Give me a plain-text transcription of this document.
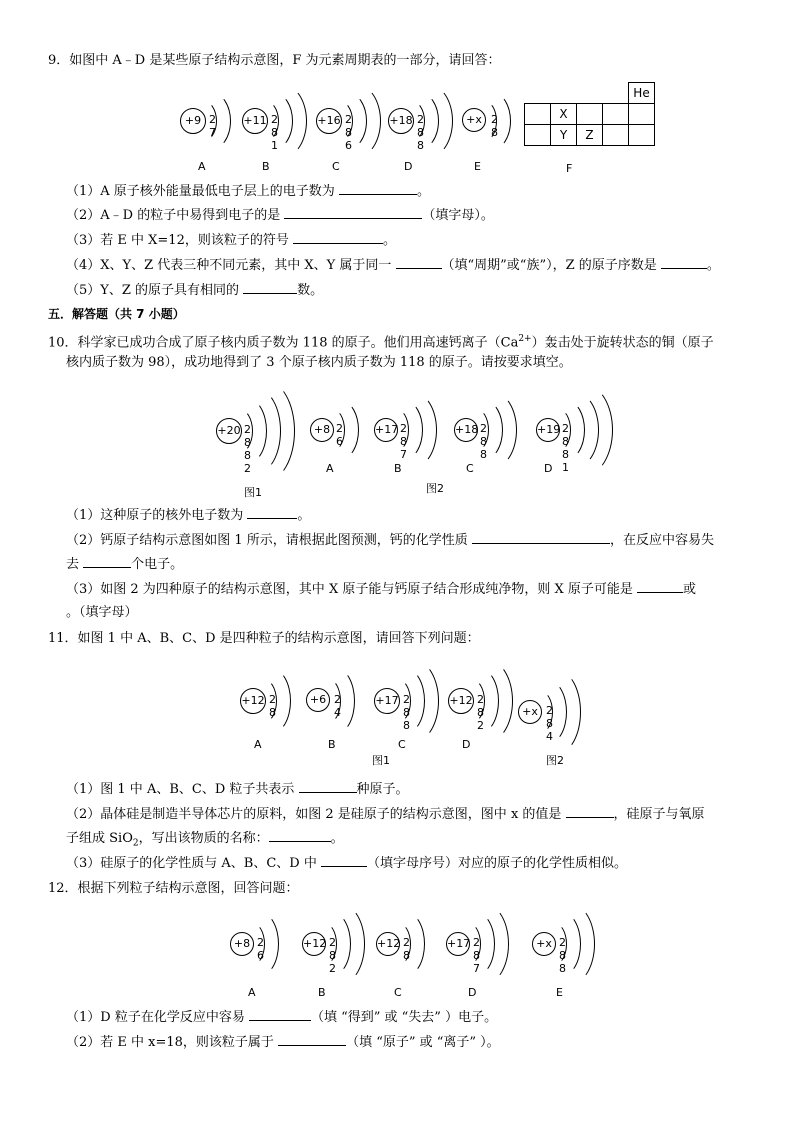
9．如图中 A﹣D 是某些原子结构示意图，F 为元素周期表的一部分，请回答：
+9 2 7
A
+11 2 8 1
B
+16 2 8 6
C
+18 2 8 8
D
+x 2 8
E
				He
	X			
	Y	Z		
F
（1）A 原子核外能量最低电子层上的电子数为	。
（2）A﹣D 的粒子中易得到电子的是	（填字母）。
（3）若 E 中 X=12，则该粒子的符号	。
（4）X、Y、Z 代表三种不同元素，其中 X、Y 属于同一	（填“周期”或“族”），Z 的原子序数是	。
（5）Y、Z 的原子具有相同的	数。
五．解答题（共 7 小题）
10．科学家已成功合成了原子核内质子数为 118 的原子。他们用高速钙离子$(Ca^{2+})$轰击处于旋转状态的铜（原子
核内质子数为 98），成功地得到了 3 个原子核内质子数为 118 的原子。请按要求填空。
+20 2 8 8 2
+8 2 6
A
+17 2 8 7
B
+18 2 8 8
C
+19 2 8 8 1
D
图1	图2
（1）这种原子的核外电子数为	。
（2）钙原子结构示意图如图 1 所示，请根据此图预测，钙的化学性质	，在反应中容易失
去	个电子。
（3）如图 2 为四种原子的结构示意图，其中 X 原子能与钙原子结合形成纯净物，则 X 原子可能是	或
。（填字母）
11．如图 1 中 A、B、C、D 是四种粒子的结构示意图，请回答下列问题：
+12 2 8
A
+6 2 4
B
+17 2 8 8
C
+12 2 8 2
D
+x 2 8 4
图1	图2
（1）图 1 中 A、B、C、D 粒子共表示	种原子。
（2）晶体硅是制造半导体芯片的原料，如图 2 是硅原子的结构示意图，图中 x 的值是	，硅原子与氧原
子组成 SiO$_2$，写出该物质的名称：	。
（3）硅原子的化学性质与 A、B、C、D 中	（填字母序号）对应的原子的化学性质相似。
12．根据下列粒子结构示意图，回答问题：
+8 2 6
A
+12 2 8 2
B
+12 2 8
C
+17 2 8 7
D
+x 2 8 8
E
（1）D 粒子在化学反应中容易	（填 “得到” 或 “失去” ）电子。
（2）若 E 中 x=18，则该粒子属于	（填 “原子” 或 “离子” ）。
